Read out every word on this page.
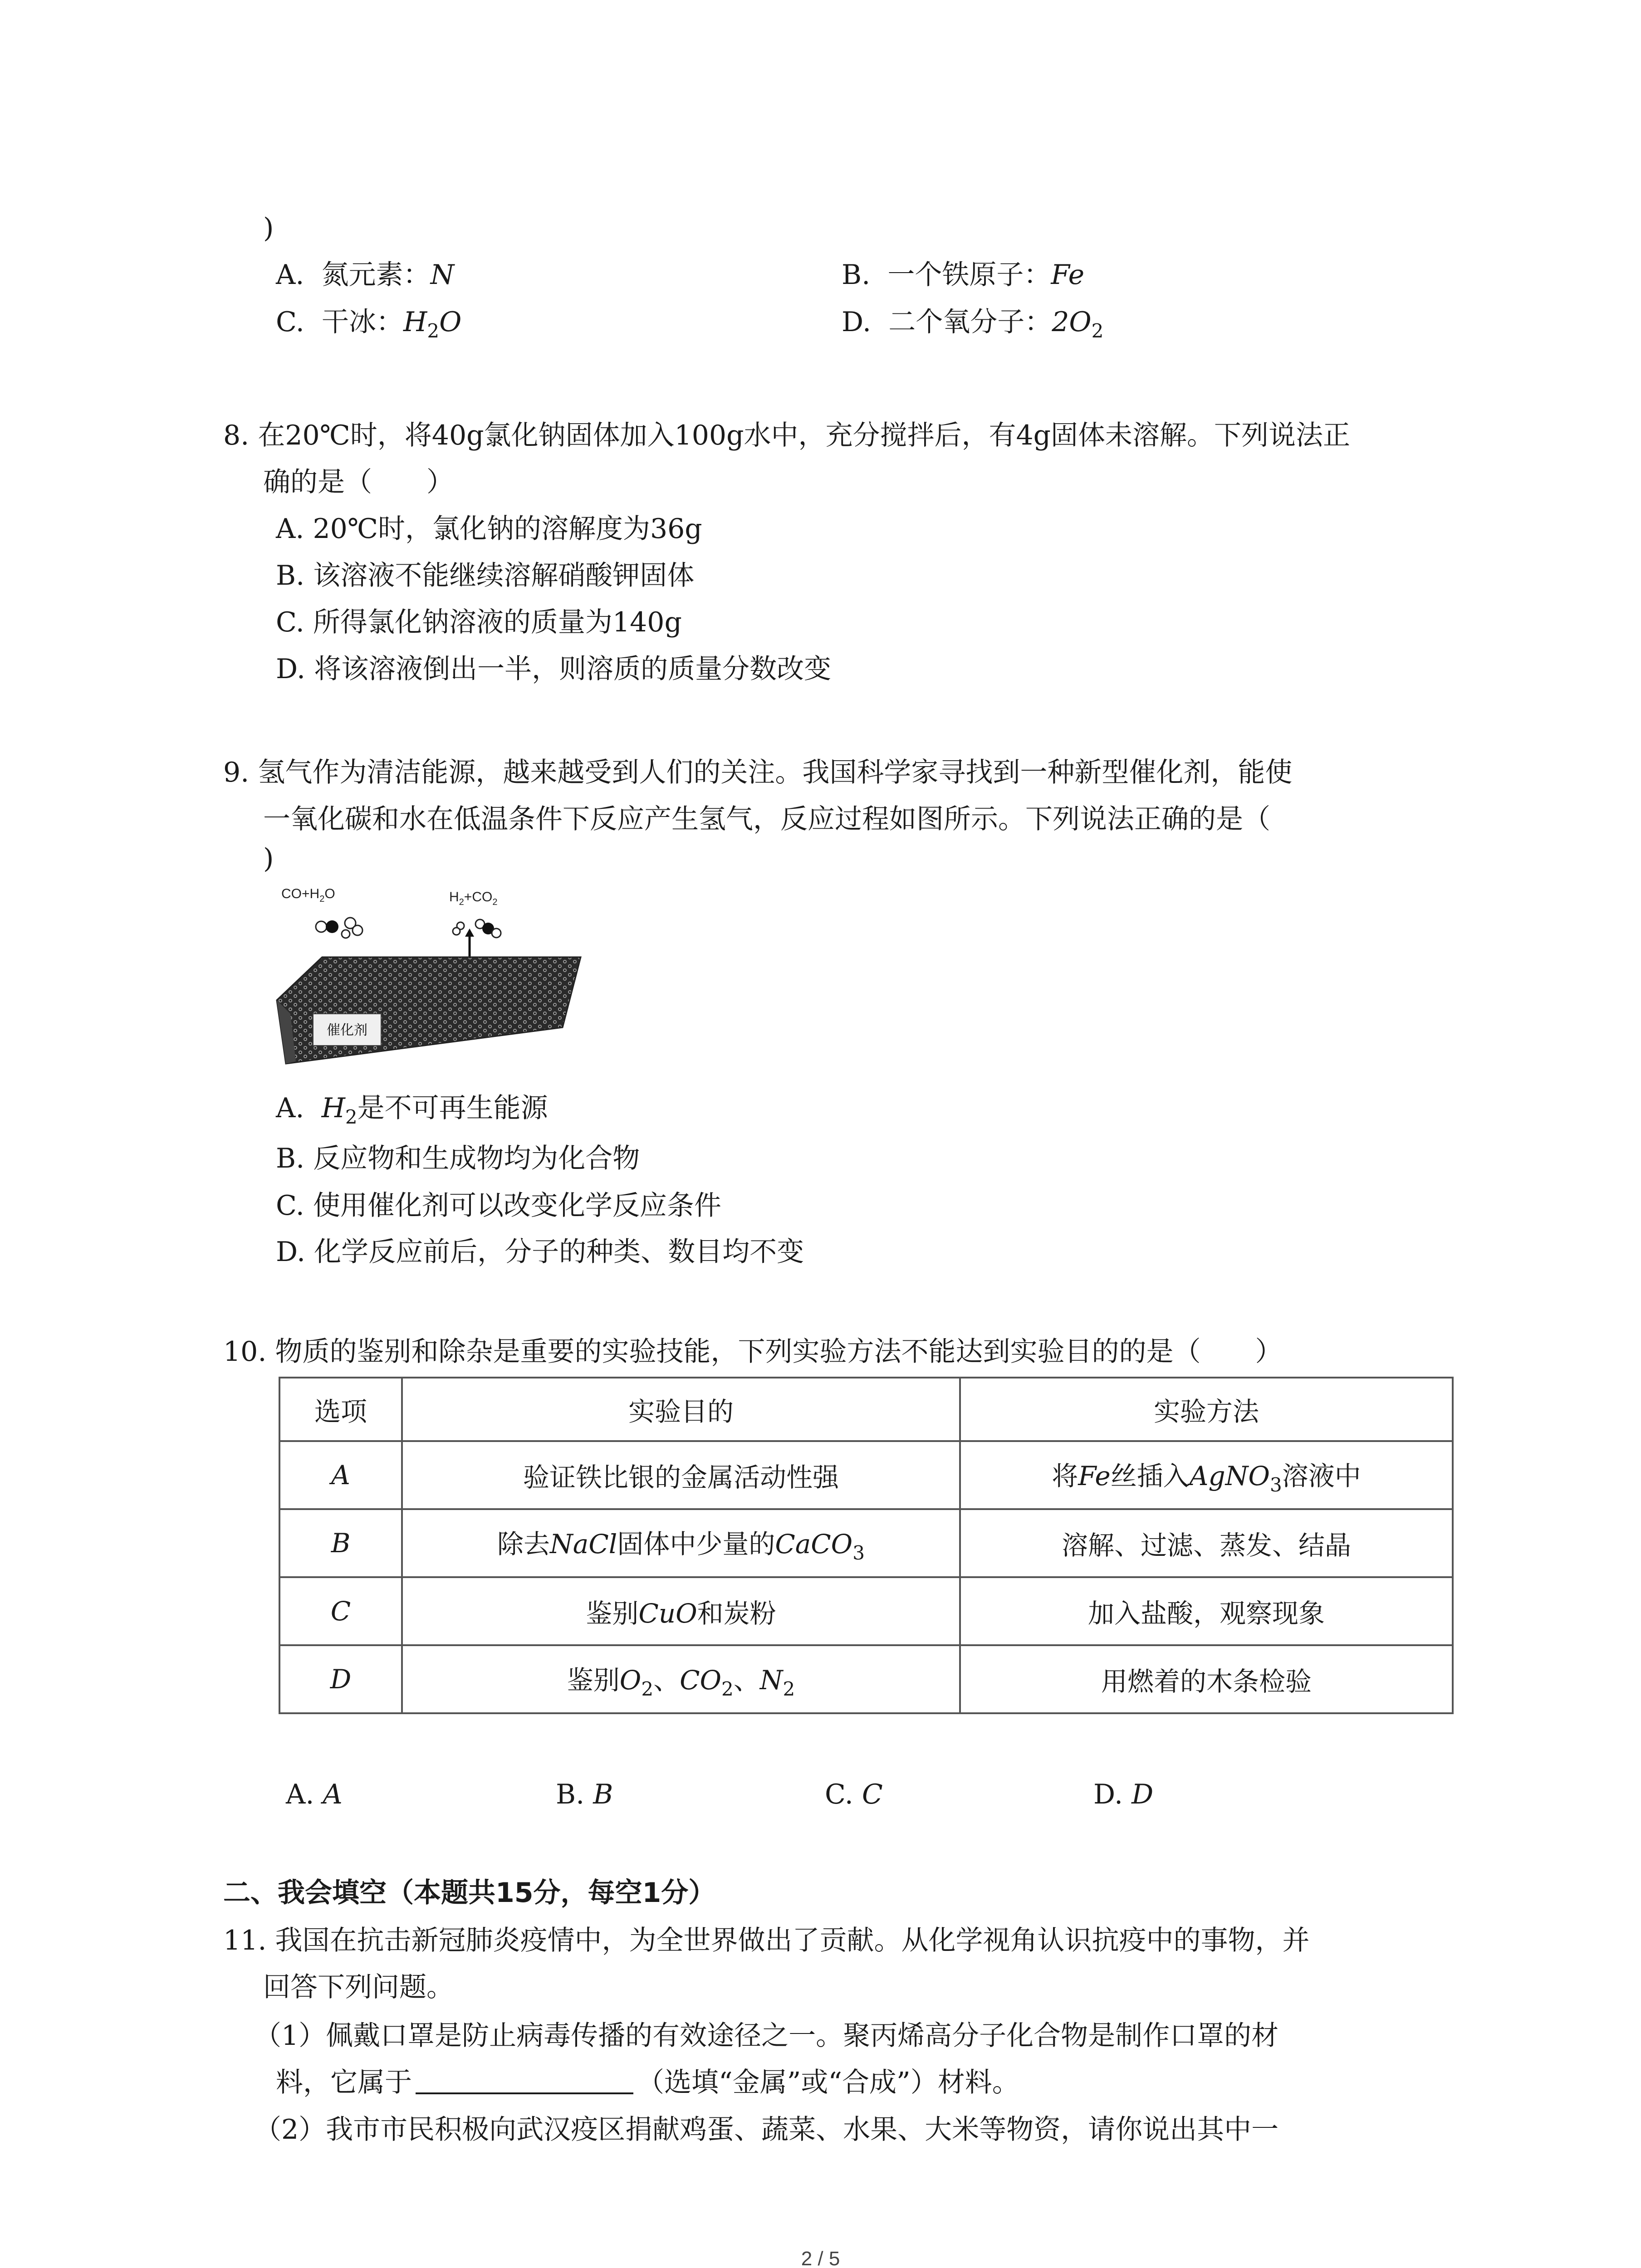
)
A. 氮元素：N	B. 一个铁原子：Fe
C. 干冰：$H_2O$	D. 二个氧分子：$2O_2$
8. 在20℃时，将40g氯化钠固体加入100g水中，充分搅拌后，有4g固体未溶解。下列说法正
确的是（　　）
A. 20℃时，氯化钠的溶解度为36g
B. 该溶液不能继续溶解硝酸钾固体
C. 所得氯化钠溶液的质量为140g
D. 将该溶液倒出一半，则溶质的质量分数改变
9. 氢气作为清洁能源，越来越受到人们的关注。我国科学家寻找到一种新型催化剂，能使
一氧化碳和水在低温条件下反应产生氢气，反应过程如图所示。下列说法正确的是（
)
$CO+H_2O$	$H_2+CO_2$
催化剂
A. $H_2$是不可再生能源
B. 反应物和生成物均为化合物
C. 使用催化剂可以改变化学反应条件
D. 化学反应前后，分子的种类、数目均不变
10. 物质的鉴别和除杂是重要的实验技能，下列实验方法不能达到实验目的的是（　　）
选项	实验目的	实验方法
A	验证铁比银的金属活动性强	将Fe丝插入AgNO$_3$溶液中
B	除去NaCl固体中少量的CaCO$_3$	溶解、过滤、蒸发、结晶
C	鉴别CuO和炭粉	加入盐酸，观察现象
D	鉴别$O_2$、$CO_2$、$N_2$	用燃着的木条检验
A. A	B. B	C. C	D. D
二、我会填空（本题共15分，每空1分）
11. 我国在抗击新冠肺炎疫情中，为全世界做出了贡献。从化学视角认识抗疫中的事物，并
回答下列问题。
（1）佩戴口罩是防止病毒传播的有效途径之一。聚丙烯高分子化合物是制作口罩的材
料，它属于	（选填“金属”或“合成”）材料。
（2）我市市民积极向武汉疫区捐献鸡蛋、蔬菜、水果、大米等物资，请你说出其中一
2 / 5
